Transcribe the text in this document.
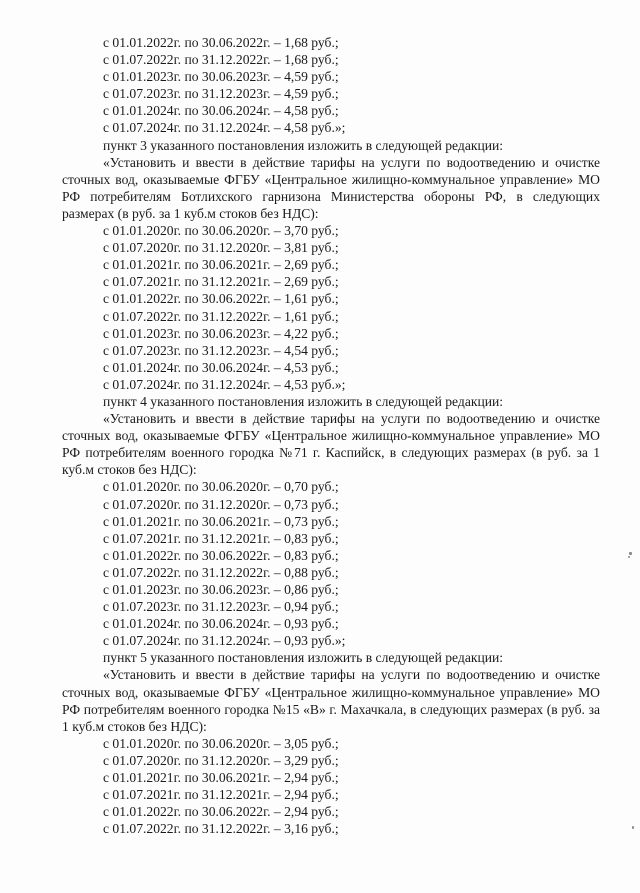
с 01.01.2022г. по 30.06.2022г. – 1,68 руб.;

с 01.07.2022г. по 31.12.2022г. – 1,68 руб.;

с 01.01.2023г. по 30.06.2023г. – 4,59 руб.;

с 01.07.2023г. по 31.12.2023г. – 4,59 руб.;

с 01.01.2024г. по 30.06.2024г. – 4,58 руб.;

с 01.07.2024г. по 31.12.2024г. – 4,58 руб.»;

пункт 3 указанного постановления изложить в следующей редакции:

«Установить и ввести в действие тарифы на услуги по водоотведению и очистке сточных вод, оказываемые ФГБУ «Центральное жилищно-коммунальное управление» МО РФ потребителям Ботлихского гарнизона Министерства обороны РФ, в следующих размерах (в руб. за 1 куб.м стоков без НДС):

с 01.01.2020г. по 30.06.2020г. – 3,70 руб.;

с 01.07.2020г. по 31.12.2020г. – 3,81 руб.;

с 01.01.2021г. по 30.06.2021г. – 2,69 руб.;

с 01.07.2021г. по 31.12.2021г. – 2,69 руб.;

с 01.01.2022г. по 30.06.2022г. – 1,61 руб.;

с 01.07.2022г. по 31.12.2022г. – 1,61 руб.;

с 01.01.2023г. по 30.06.2023г. – 4,22 руб.;

с 01.07.2023г. по 31.12.2023г. – 4,54 руб.;

с 01.01.2024г. по 30.06.2024г. – 4,53 руб.;

с 01.07.2024г. по 31.12.2024г. – 4,53 руб.»;

пункт 4 указанного постановления изложить в следующей редакции:

«Установить и ввести в действие тарифы на услуги по водоотведению и очистке сточных вод, оказываемые ФГБУ «Центральное жилищно-коммунальное управление» МО РФ потребителям военного городка №71 г. Каспийск, в следующих размерах (в руб. за 1 куб.м стоков без НДС):

с 01.01.2020г. по 30.06.2020г. – 0,70 руб.;

с 01.07.2020г. по 31.12.2020г. – 0,73 руб.;

с 01.01.2021г. по 30.06.2021г. – 0,73 руб.;

с 01.07.2021г. по 31.12.2021г. – 0,83 руб.;

с 01.01.2022г. по 30.06.2022г. – 0,83 руб.;

с 01.07.2022г. по 31.12.2022г. – 0,88 руб.;

с 01.01.2023г. по 30.06.2023г. – 0,86 руб.;

с 01.07.2023г. по 31.12.2023г. – 0,94 руб.;

с 01.01.2024г. по 30.06.2024г. – 0,93 руб.;

с 01.07.2024г. по 31.12.2024г. – 0,93 руб.»;

пункт 5 указанного постановления изложить в следующей редакции:

«Установить и ввести в действие тарифы на услуги по водоотведению и очистке сточных вод, оказываемые ФГБУ «Центральное жилищно-коммунальное управление» МО РФ потребителям военного городка №15 «В» г. Махачкала, в следующих размерах (в руб. за 1 куб.м стоков без НДС):

с 01.01.2020г. по 30.06.2020г. – 3,05 руб.;

с 01.07.2020г. по 31.12.2020г. – 3,29 руб.;

с 01.01.2021г. по 30.06.2021г. – 2,94 руб.;

с 01.07.2021г. по 31.12.2021г. – 2,94 руб.;

с 01.01.2022г. по 30.06.2022г. – 2,94 руб.;

с 01.07.2022г. по 31.12.2022г. – 3,16 руб.;
